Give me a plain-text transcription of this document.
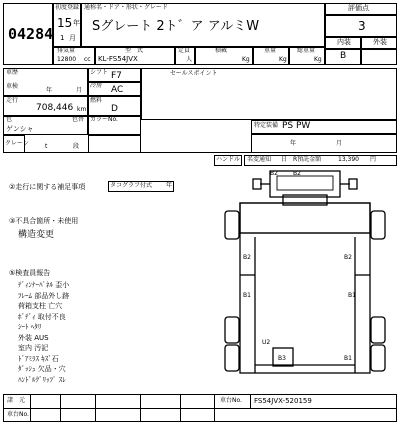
04284
初度登録
15 年
1 月
通称名・ドア・形状・グレード
Sグレート 2ト゛ア アルミW
評価点
3
内装	外装
B
排気量
12800 cc
型　式
KL-FS54JVX
定員
人
積載
Kg
重量
Kg
総重量
Kg
車歴	シフト F7
冷房 AC
車検
年	月
走行
708,446 km
燃料
D
色	色替
ゲンシャ
カラーNo.
クレーン	t	段
セールスポイント
特定装備 PS PW
年	月
ハンドル 名変通知 日 R預託金額	13,390 円
②走行に関する補足事項	タコグラフ付式 年
③不具合箇所・未使用
構造変更
⑤検査員報告
ﾃﾞｨﾝﾅｰﾊﾟﾈﾙ 歪小
ﾌﾚｰﾑ 部品外し跡
荷箱支柱 亡穴
ﾎﾞﾃﾞｨ 取付不良
ｼｰﾄ ﾍﾀﾘ
外装 AUS
室内 汚記
ﾄﾞｱﾐﾗｽ ｷｽﾞ石
ﾀﾞｯｼｭ 欠品・穴
ﾊﾝﾄﾞﾙｸﾞﾘｯﾌﾟ ｽﾚ
B2	B2
B2	B2
B1	B1
U2
B3	B1
諸　元
車台No.
車台No. FS54JVX-520159
